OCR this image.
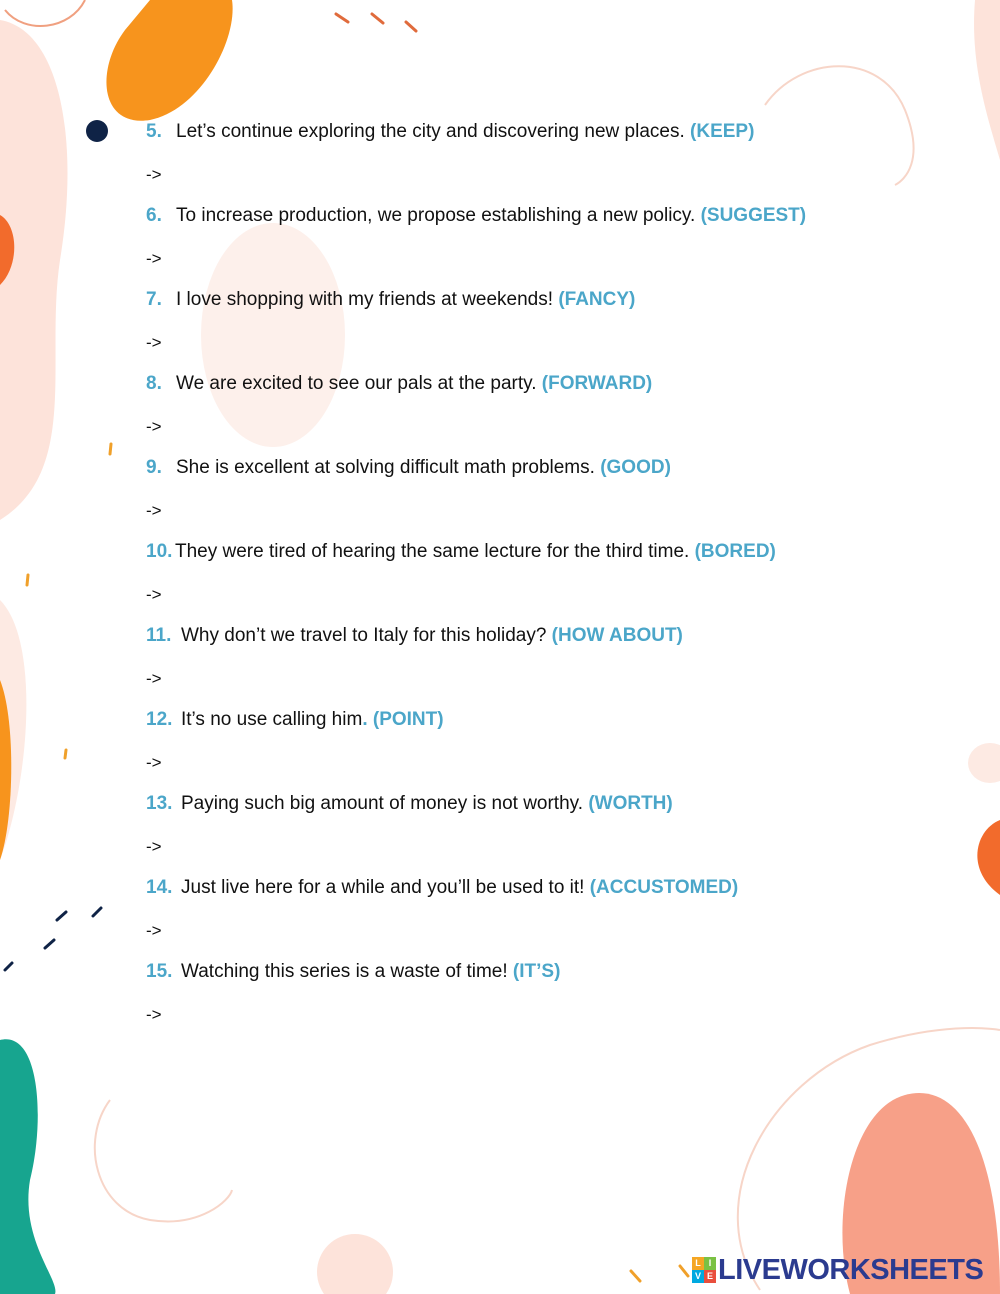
5. Let’s continue exploring the city and discovering new places. (KEEP)
->
6. To increase production, we propose establishing a new policy. (SUGGEST)
->
7. I love shopping with my friends at weekends! (FANCY)
->
8. We are excited to see our pals at the party. (FORWARD)
->
9. She is excellent at solving difficult math problems. (GOOD)
->
10. They were tired of hearing the same lecture for the third time. (BORED)
->
11. Why don’t we travel to Italy for this holiday? (HOW ABOUT)
->
12. It’s no use calling him. (POINT)
->
13. Paying such big amount of money is not worthy. (WORTH)
->
14. Just live here for a while and you’ll be used to it! (ACCUSTOMED)
->
15. Watching this series is a waste of time! (IT’S)
->
L I
V E LIVEWORKSHEETS
